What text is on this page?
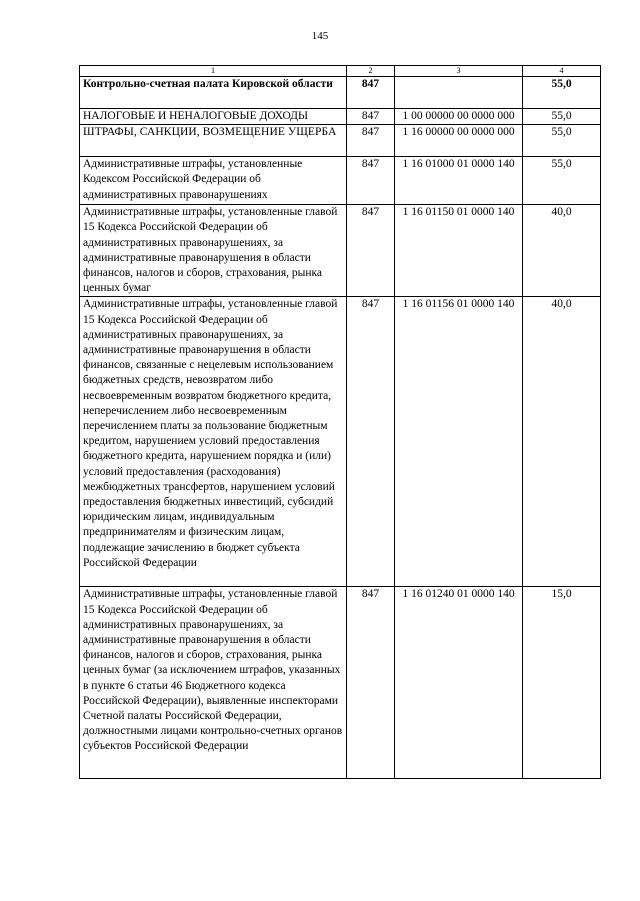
145
1	2	3	4
Контрольно-счетная палата Кировской области	847		55,0
НАЛОГОВЫЕ И НЕНАЛОГОВЫЕ ДОХОДЫ	847	1 00 00000 00 0000 000	55,0
ШТРАФЫ, САНКЦИИ, ВОЗМЕЩЕНИЕ УЩЕРБА	847	1 16 00000 00 0000 000	55,0
Административные штрафы, установленные Кодексом Российской Федерации об административных правонарушениях	847	1 16 01000 01 0000 140	55,0
Административные штрафы, установленные главой 15 Кодекса Российской Федерации об административных правонарушениях, за административные правонарушения в области финансов, налогов и сборов, страхования, рынка ценных бумаг	847	1 16 01150 01 0000 140	40,0
Административные штрафы, установленные главой 15 Кодекса Российской Федерации об административных правонарушениях, за административные правонарушения в области финансов, связанные с нецелевым использованием бюджетных средств, невозвратом либо несвоевременным возвратом бюджетного кредита, неперечислением либо несвоевременным перечислением платы за пользование бюджетным кредитом, нарушением условий предоставления бюджетного кредита, нарушением порядка и (или) условий предоставления (расходования) межбюджетных трансфертов, нарушением условий предоставления бюджетных инвестиций, субсидий юридическим лицам, индивидуальным предпринимателям и физическим лицам, подлежащие зачислению в бюджет субъекта Российской Федерации	847	1 16 01156 01 0000 140	40,0
Административные штрафы, установленные главой 15 Кодекса Российской Федерации об административных правонарушениях, за административные правонарушения в области финансов, налогов и сборов, страхования, рынка ценных бумаг (за исключением штрафов, указанных в пункте 6 статьи 46 Бюджетного кодекса Российской Федерации), выявленные инспекторами Счетной палаты Российской Федерации, должностными лицами контрольно-счетных органов субъектов Российской Федерации	847	1 16 01240 01 0000 140	15,0
